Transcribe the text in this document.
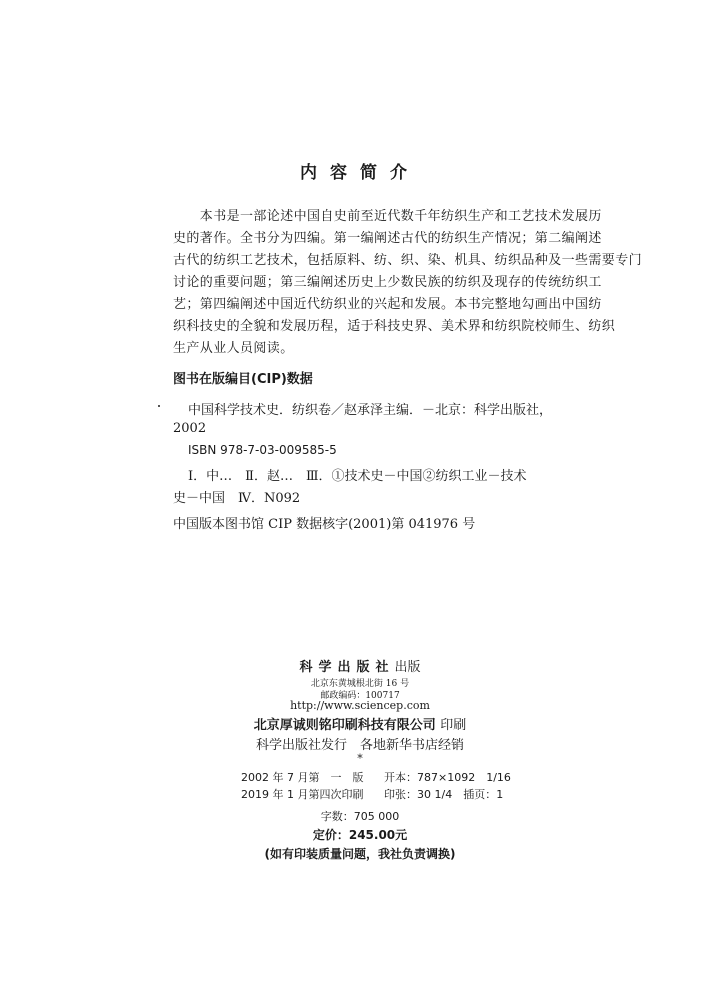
内容简介
　　本书是一部论述中国自史前至近代数千年纺织生产和工艺技术发展历
史的著作。全书分为四编。第一编阐述古代的纺织生产情况；第二编阐述
古代的纺织工艺技术，包括原料、纺、织、染、机具、纺织品种及一些需要专门
讨论的重要问题；第三编阐述历史上少数民族的纺织及现存的传统纺织工
艺；第四编阐述中国近代纺织业的兴起和发展。本书完整地勾画出中国纺
织科技史的全貌和发展历程，适于科技史界、美术界和纺织院校师生、纺织
生产从业人员阅读。
图书在版编目(CIP)数据
中国科学技术史．纺织卷／赵承泽主编．－北京：科学出版社，
2002
ISBN 978-7-03-009585-5
Ⅰ．中…　Ⅱ．赵…　Ⅲ．①技术史－中国②纺织工业－技术
史－中国　Ⅳ．N092
中国版本图书馆 CIP 数据核字(2001)第 041976 号
科学出版社出版
北京东黄城根北街 16 号
邮政编码：100717
http://www.sciencep.com
北京厚诚则铭印刷科技有限公司 印刷
科学出版社发行　各地新华书店经销
*
2002 年 7 月第　一　版 开本：787×1092　1/16
2019 年 1 月第四次印刷 印张：30 1/4　插页：1
字数：705 000
定价：245.00元
(如有印装质量问题，我社负责调换)
